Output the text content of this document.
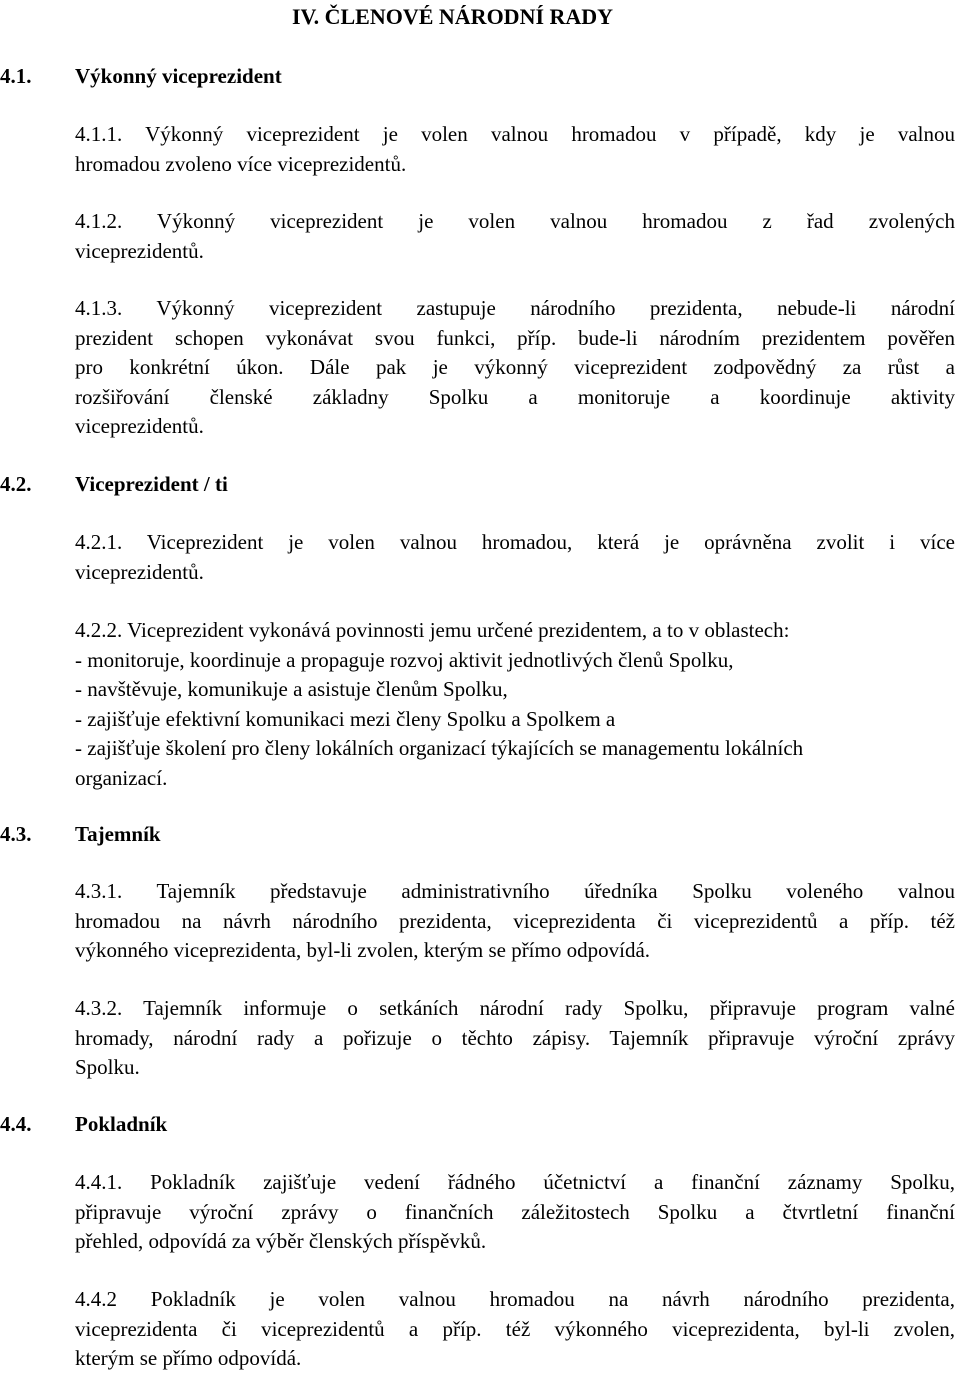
IV. ČLENOVÉ NÁRODNÍ RADY
4.1. Výkonný viceprezident
4.1.1. Výkonný viceprezident je volen valnou hromadou v případě, kdy je valnou
hromadou zvoleno více viceprezidentů.
4.1.2. Výkonný viceprezident je volen valnou hromadou z řad zvolených
viceprezidentů.
4.1.3. Výkonný viceprezident zastupuje národního prezidenta, nebude-li národní
prezident schopen vykonávat svou funkci, příp. bude-li národním prezidentem pověřen
pro konkrétní úkon. Dále pak je výkonný viceprezident zodpovědný za růst a
rozšiřování členské základny Spolku a monitoruje a koordinuje aktivity
viceprezidentů.
4.2. Viceprezident / ti
4.2.1. Viceprezident je volen valnou hromadou, která je oprávněna zvolit i více
viceprezidentů.
4.2.2. Viceprezident vykonává povinnosti jemu určené prezidentem, a to v oblastech:
- monitoruje, koordinuje a propaguje rozvoj aktivit jednotlivých členů Spolku,
- navštěvuje, komunikuje a asistuje členům Spolku,
- zajišťuje efektivní komunikaci mezi členy Spolku a Spolkem a
- zajišťuje školení pro členy lokálních organizací týkajících se managementu lokálních
organizací.
4.3. Tajemník
4.3.1. Tajemník představuje administrativního úředníka Spolku voleného valnou
hromadou na návrh národního prezidenta, viceprezidenta či viceprezidentů a příp. též
výkonného viceprezidenta, byl-li zvolen, kterým se přímo odpovídá.
4.3.2. Tajemník informuje o setkáních národní rady Spolku, připravuje program valné
hromady, národní rady a pořizuje o těchto zápisy. Tajemník připravuje výroční zprávy
Spolku.
4.4. Pokladník
4.4.1. Pokladník zajišťuje vedení řádného účetnictví a finanční záznamy Spolku,
připravuje výroční zprávy o finančních záležitostech Spolku a čtvrtletní finanční
přehled, odpovídá za výběr členských příspěvků.
4.4.2 Pokladník je volen valnou hromadou na návrh národního prezidenta,
viceprezidenta či viceprezidentů a příp. též výkonného viceprezidenta, byl-li zvolen,
kterým se přímo odpovídá.
